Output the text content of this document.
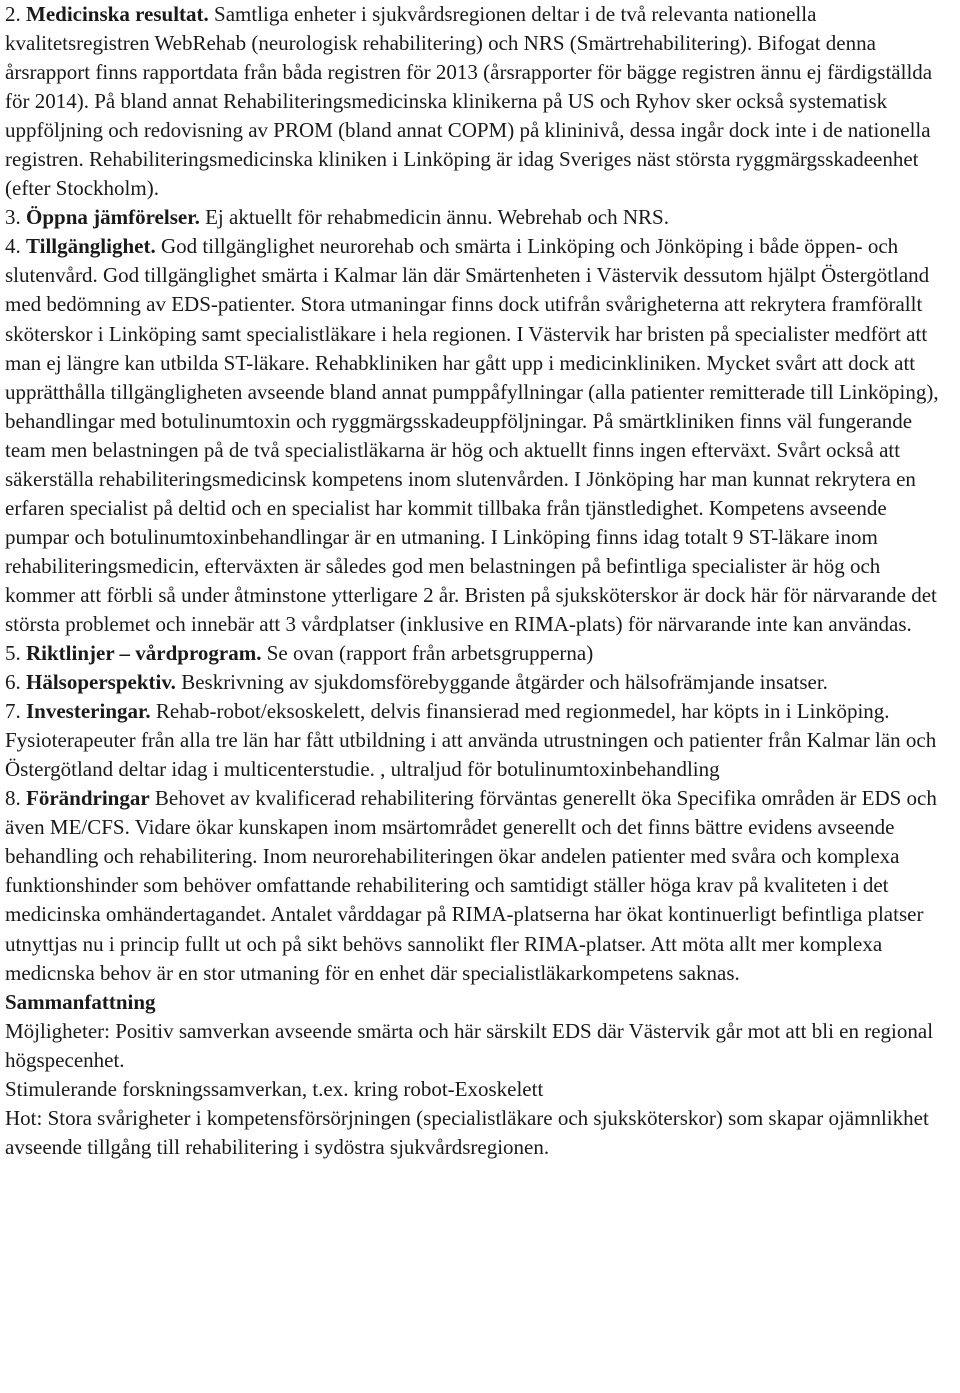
2. Medicinska resultat. Samtliga enheter i sjukvårdsregionen deltar i de två relevanta nationella kvalitetsregistren WebRehab (neurologisk rehabilitering) och NRS (Smärtrehabilitering). Bifogat denna årsrapport finns rapportdata från båda registren för 2013 (årsrapporter för bägge registren ännu ej färdigställda för 2014). På bland annat Rehabiliteringsmedicinska klinikerna på US och Ryhov sker också systematisk uppföljning och redovisning av PROM (bland annat COPM) på klininivå, dessa ingår dock inte i de nationella registren. Rehabiliteringsmedicinska kliniken i Linköping är idag Sveriges näst största ryggmärgsskadeenhet (efter Stockholm).

3. Öppna jämförelser. Ej aktuellt för rehabmedicin ännu. Webrehab och NRS.

4. Tillgänglighet. God tillgänglighet neurorehab och smärta i Linköping och Jönköping i både öppen- och slutenvård. God tillgänglighet smärta i Kalmar län där Smärtenheten i Västervik dessutom hjälpt Östergötland med bedömning av EDS-patienter. Stora utmaningar finns dock utifrån svårigheterna att rekrytera framförallt sköterskor i Linköping samt specialistläkare i hela regionen. I Västervik har bristen på specialister medfört att man ej längre kan utbilda ST-läkare. Rehabkliniken har gått upp i medicinkliniken. Mycket svårt att dock att upprätthålla tillgängligheten avseende bland annat pumppåfyllningar (alla patienter remitterade till Linköping), behandlingar med botulinumtoxin och ryggmärgsskadeuppföljningar. På smärtkliniken finns väl fungerande team men belastningen på de två specialistläkarna är hög och aktuellt finns ingen efterväxt. Svårt också att säkerställa rehabiliteringsmedicinsk kompetens inom slutenvården. I Jönköping har man kunnat rekrytera en erfaren specialist på deltid och en specialist har kommit tillbaka från tjänstledighet. Kompetens avseende pumpar och botulinumtoxinbehandlingar är en utmaning. I Linköping finns idag totalt 9 ST-läkare inom rehabiliteringsmedicin, efterväxten är således god men belastningen på befintliga specialister är hög och kommer att förbli så under åtminstone ytterligare 2 år. Bristen på sjuksköterskor är dock här för närvarande det största problemet och innebär att 3 vårdplatser (inklusive en RIMA-plats) för närvarande inte kan användas.

5. Riktlinjer – vårdprogram. Se ovan (rapport från arbetsgrupperna)

6. Hälsoperspektiv. Beskrivning av sjukdomsförebyggande åtgärder och hälsofrämjande insatser.

7. Investeringar. Rehab-robot/eksoskelett, delvis finansierad med regionmedel, har köpts in i Linköping. Fysioterapeuter från alla tre län har fått utbildning i att använda utrustningen och patienter från Kalmar län och Östergötland deltar idag i multicenterstudie. , ultraljud för botulinumtoxinbehandling

8. Förändringar Behovet av kvalificerad rehabilitering förväntas generellt öka Specifika områden är EDS och även ME/CFS. Vidare ökar kunskapen inom msärtområdet generellt och det finns bättre evidens avseende behandling och rehabilitering. Inom neurorehabiliteringen ökar andelen patienter med svåra och komplexa funktionshinder som behöver omfattande rehabilitering och samtidigt ställer höga krav på kvaliteten i det medicinska omhändertagandet. Antalet vårddagar på RIMA-platserna har ökat kontinuerligt befintliga platser utnyttjas nu i princip fullt ut och på sikt behövs sannolikt fler RIMA-platser. Att möta allt mer komplexa medicnska behov är en stor utmaning för en enhet där specialistläkarkompetens saknas.

Sammanfattning

Möjligheter: Positiv samverkan avseende smärta och här särskilt EDS där Västervik går mot att bli en regional högspecenhet.

Stimulerande forskningssamverkan, t.ex. kring robot-Exoskelett

Hot: Stora svårigheter i kompetensförsörjningen (specialistläkare och sjuksköterskor) som skapar ojämnlikhet avseende tillgång till rehabilitering i sydöstra sjukvårdsregionen.
